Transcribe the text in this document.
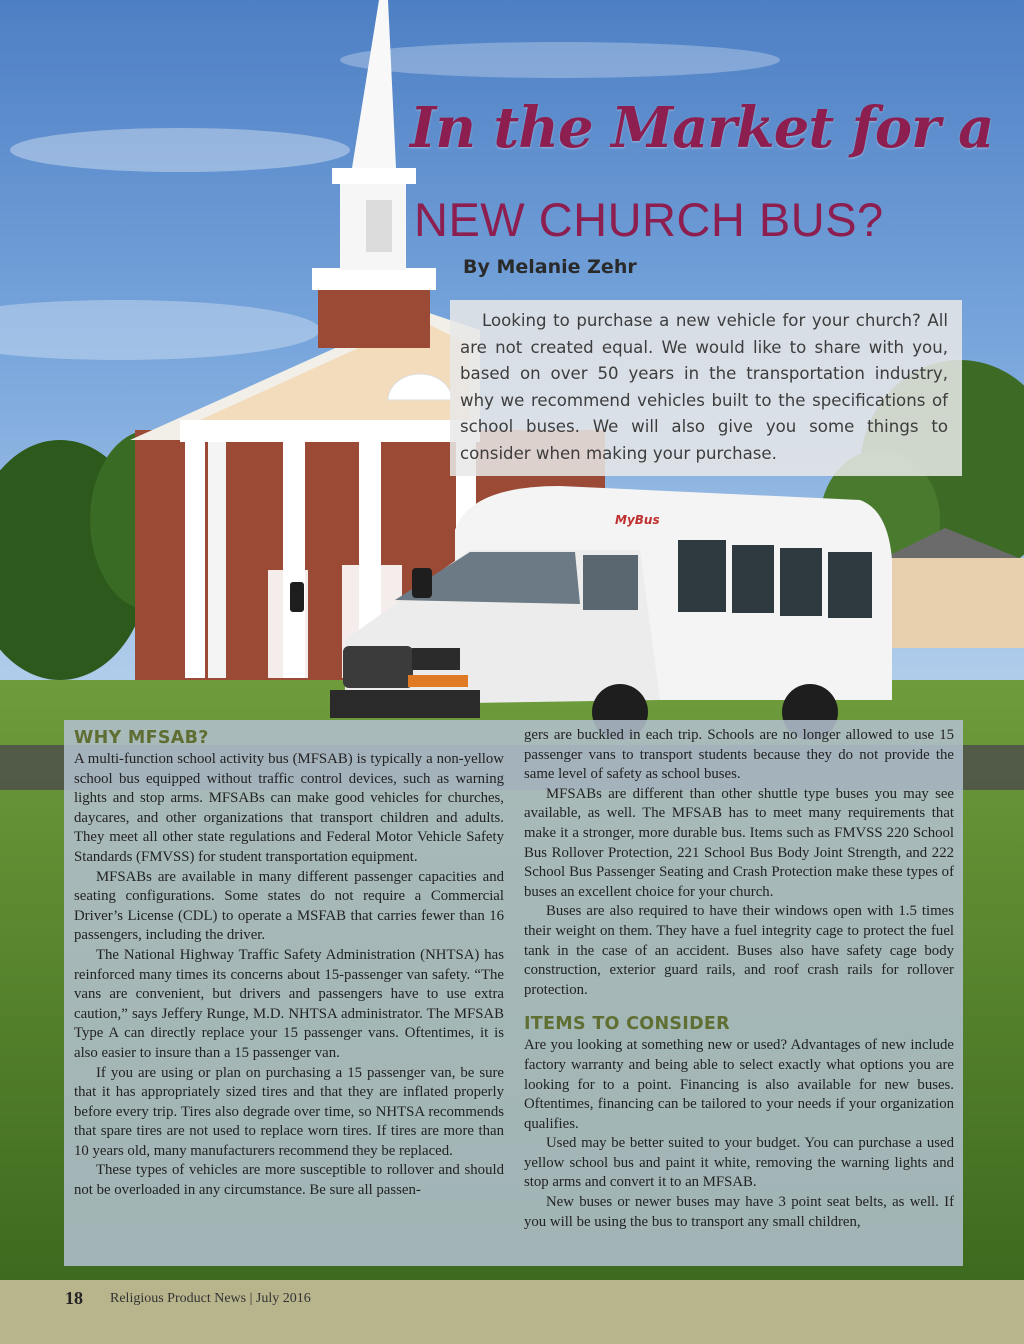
MyBus
In the Market for a
NEW CHURCH BUS?
By Melanie Zehr

Looking to purchase a new vehicle for your church? All are not created equal. We would like to share with you, based on over 50 years in the transportation industry, why we recommend vehicles built to the specifications of school buses. We will also give you some things to consider when making your purchase.

WHY MFSAB?

A multi-function school activity bus (MFSAB) is typically a non-yellow school bus equipped without traffic control devices, such as warning lights and stop arms. MFSABs can make good vehicles for churches, daycares, and other organizations that transport children and adults. They meet all other state regulations and Federal Motor Vehicle Safety Standards (FMVSS) for student transportation equipment.

MFSABs are available in many different passenger capacities and seating configurations. Some states do not require a Commercial Driver’s License (CDL) to operate a MSFAB that carries fewer than 16 passengers, including the driver.

The National Highway Traffic Safety Administration (NHTSA) has reinforced many times its concerns about 15-passenger van safety. “The vans are convenient, but drivers and passengers have to use extra caution,” says Jeffery Runge, M.D. NHTSA administrator. The MFSAB Type A can directly replace your 15 passenger vans. Oftentimes, it is also easier to insure than a 15 passenger van.

If you are using or plan on purchasing a 15 passenger van, be sure that it has appropriately sized tires and that they are inflated properly before every trip. Tires also degrade over time, so NHTSA recommends that spare tires are not used to replace worn tires. If tires are more than 10 years old, many manufacturers recommend they be replaced.

These types of vehicles are more susceptible to rollover and should not be overloaded in any circumstance. Be sure all passen-

gers are buckled in each trip. Schools are no longer allowed to use 15 passenger vans to transport students because they do not provide the same level of safety as school buses.

MFSABs are different than other shuttle type buses you may see available, as well. The MFSAB has to meet many requirements that make it a stronger, more durable bus. Items such as FMVSS 220 School Bus Rollover Protection, 221 School Bus Body Joint Strength, and 222 School Bus Passenger Seating and Crash Protection make these types of buses an excellent choice for your church.

Buses are also required to have their windows open with 1.5 times their weight on them. They have a fuel integrity cage to protect the fuel tank in the case of an accident. Buses also have safety cage body construction, exterior guard rails, and roof crash rails for rollover protection.

ITEMS TO CONSIDER

Are you looking at something new or used? Advantages of new include factory warranty and being able to select exactly what options you are looking for to a point. Financing is also available for new buses. Oftentimes, financing can be tailored to your needs if your organization qualifies.

Used may be better suited to your budget. You can purchase a used yellow school bus and paint it white, removing the warning lights and stop arms and convert it to an MFSAB.

New buses or newer buses may have 3 point seat belts, as well. If you will be using the bus to transport any small children,

18 Religious Product News | July 2016
